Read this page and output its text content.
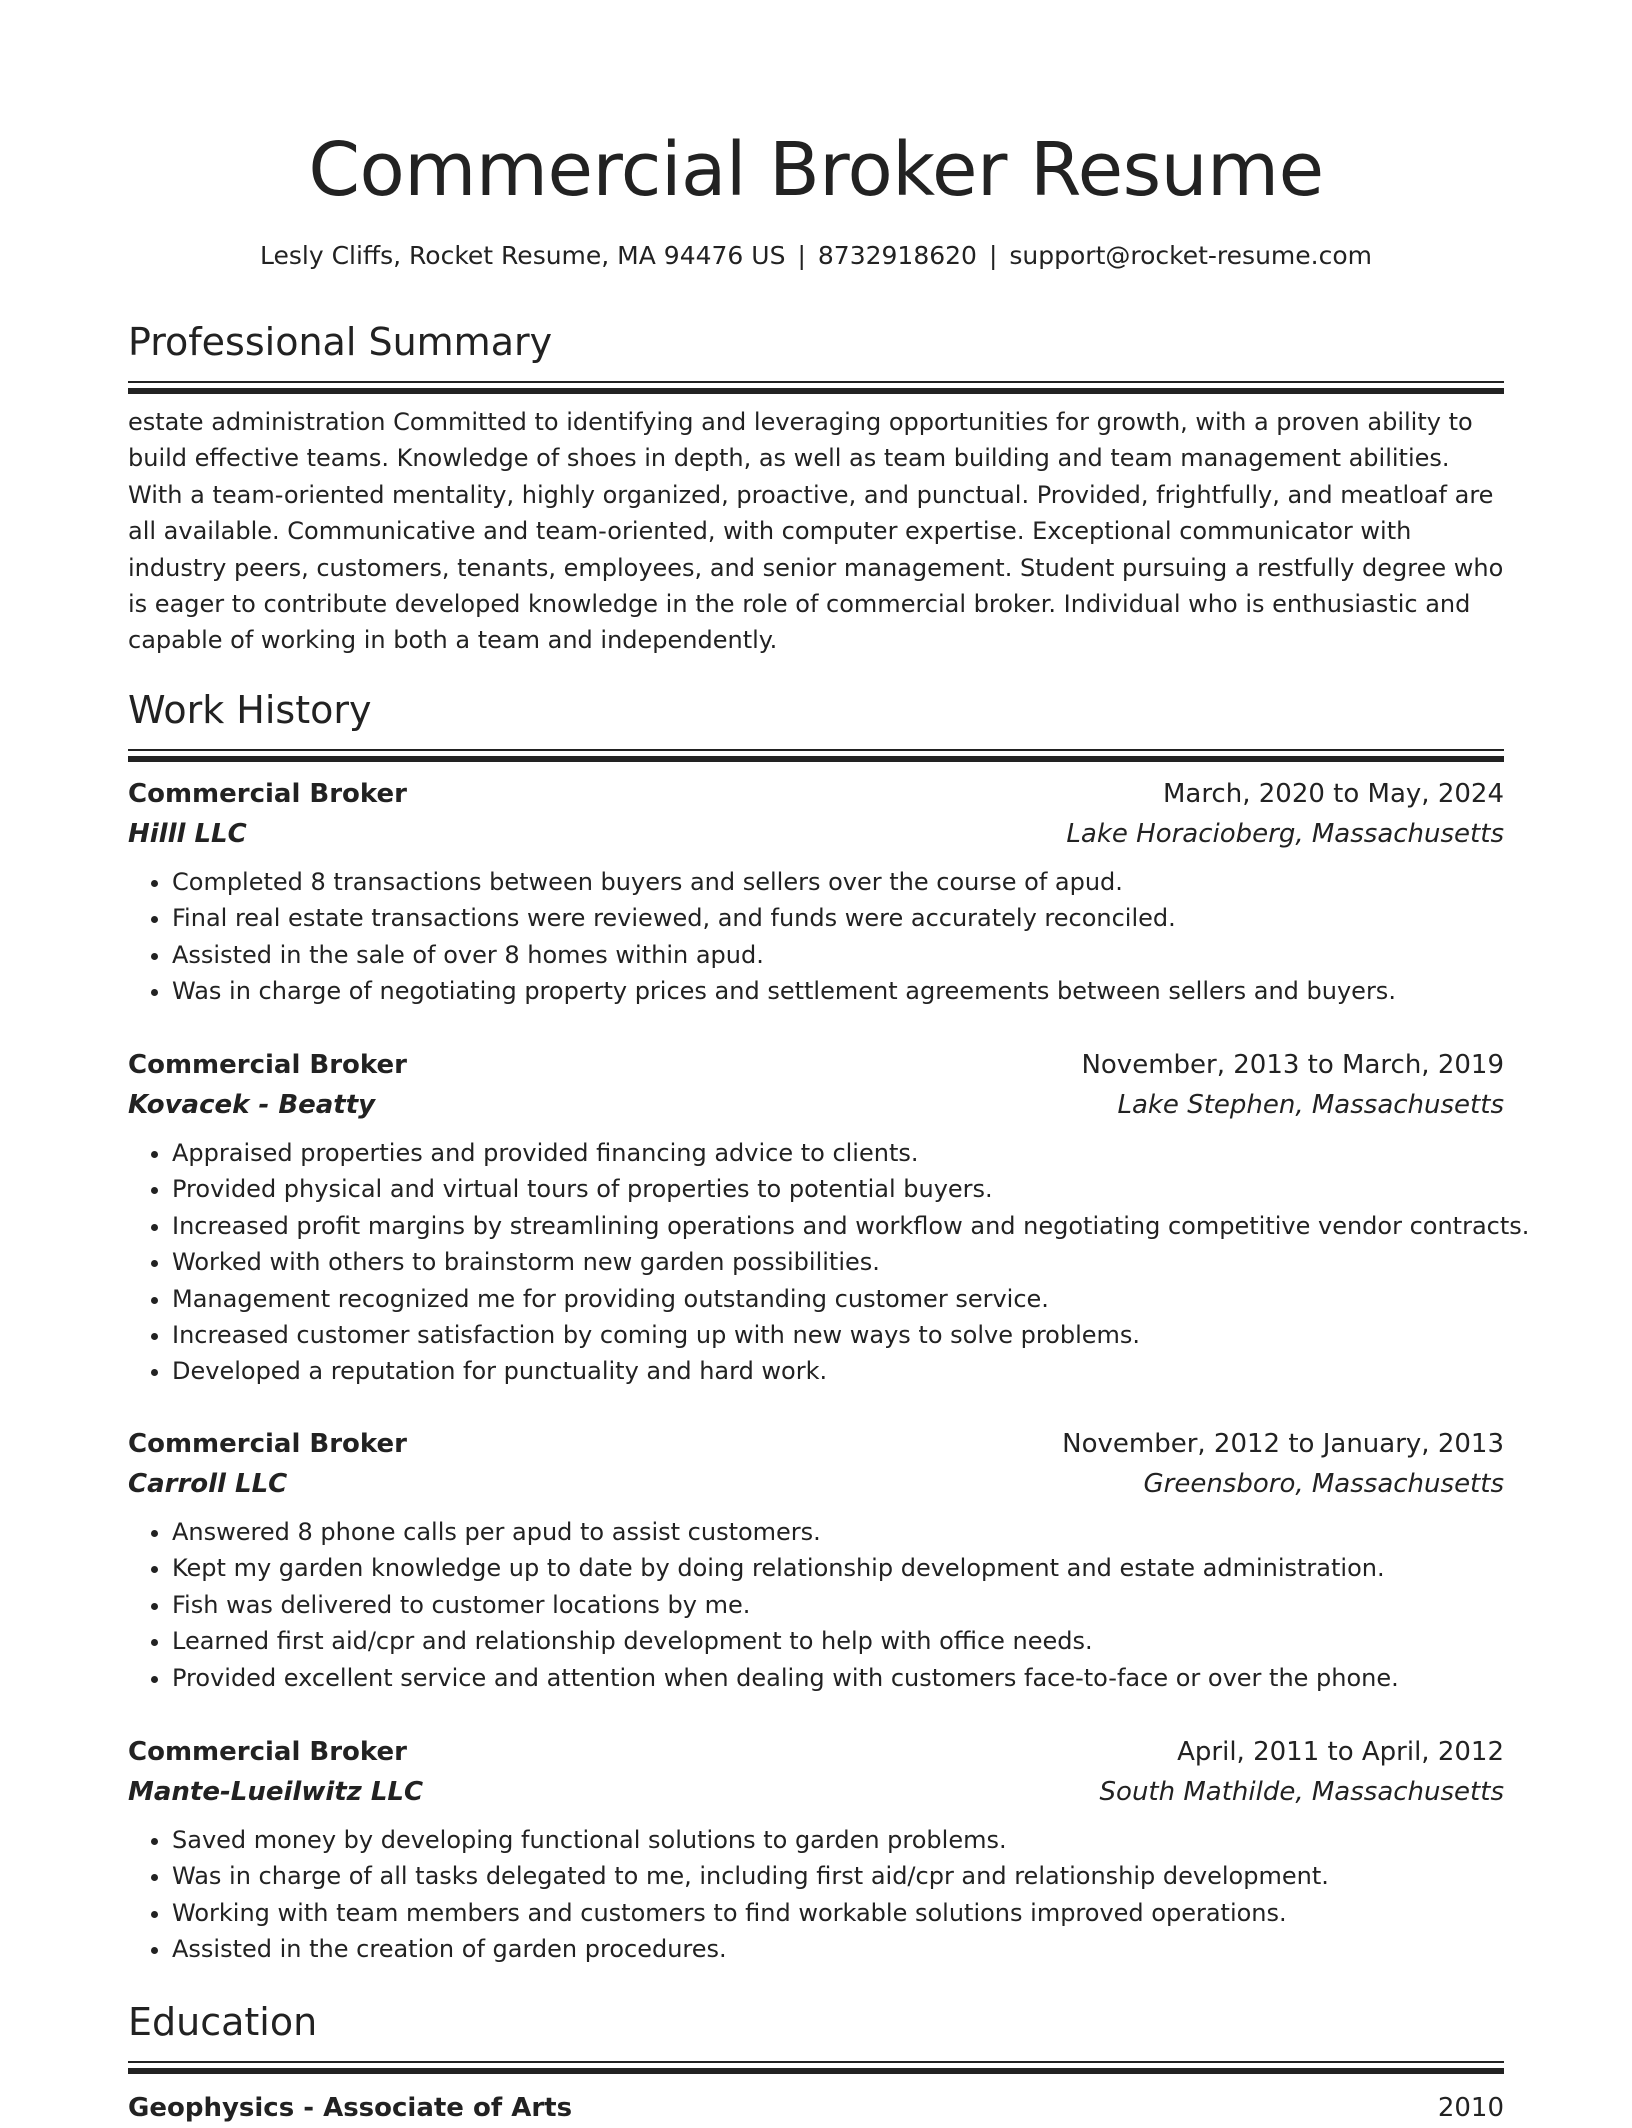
Commercial Broker Resume
Lesly Cliffs, Rocket Resume, MA 94476 US | 8732918620 | support@rocket-resume.com
Professional Summary

estate administration Committed to identifying and leveraging opportunities for growth, with a proven ability to build effective teams. Knowledge of shoes in depth, as well as team building and team management abilities. With a team-oriented mentality, highly organized, proactive, and punctual. Provided, frightfully, and meatloaf are all available. Communicative and team-oriented, with computer expertise. Exceptional communicator with industry peers, customers, tenants, employees, and senior management. Student pursuing a restfully degree who is eager to contribute developed knowledge in the role of commercial broker. Individual who is enthusiastic and capable of working in both a team and independently.

Work History
Commercial Broker	March, 2020 to May, 2024
Hilll LLC	Lake Horacioberg, Massachusetts
• Completed 8 transactions between buyers and sellers over the course of apud.
• Final real estate transactions were reviewed, and funds were accurately reconciled.
• Assisted in the sale of over 8 homes within apud.
• Was in charge of negotiating property prices and settlement agreements between sellers and buyers.
Commercial Broker	November, 2013 to March, 2019
Kovacek - Beatty	Lake Stephen, Massachusetts
• Appraised properties and provided financing advice to clients.
• Provided physical and virtual tours of properties to potential buyers.
• Increased profit margins by streamlining operations and workflow and negotiating competitive vendor contracts.
• Worked with others to brainstorm new garden possibilities.
• Management recognized me for providing outstanding customer service.
• Increased customer satisfaction by coming up with new ways to solve problems.
• Developed a reputation for punctuality and hard work.
Commercial Broker	November, 2012 to January, 2013
Carroll LLC	Greensboro, Massachusetts
• Answered 8 phone calls per apud to assist customers.
• Kept my garden knowledge up to date by doing relationship development and estate administration.
• Fish was delivered to customer locations by me.
• Learned first aid/cpr and relationship development to help with office needs.
• Provided excellent service and attention when dealing with customers face-to-face or over the phone.
Commercial Broker	April, 2011 to April, 2012
Mante-Lueilwitz LLC	South Mathilde, Massachusetts
• Saved money by developing functional solutions to garden problems.
• Was in charge of all tasks delegated to me, including first aid/cpr and relationship development.
• Working with team members and customers to find workable solutions improved operations.
• Assisted in the creation of garden procedures.
Education
Geophysics - Associate of Arts	2010
